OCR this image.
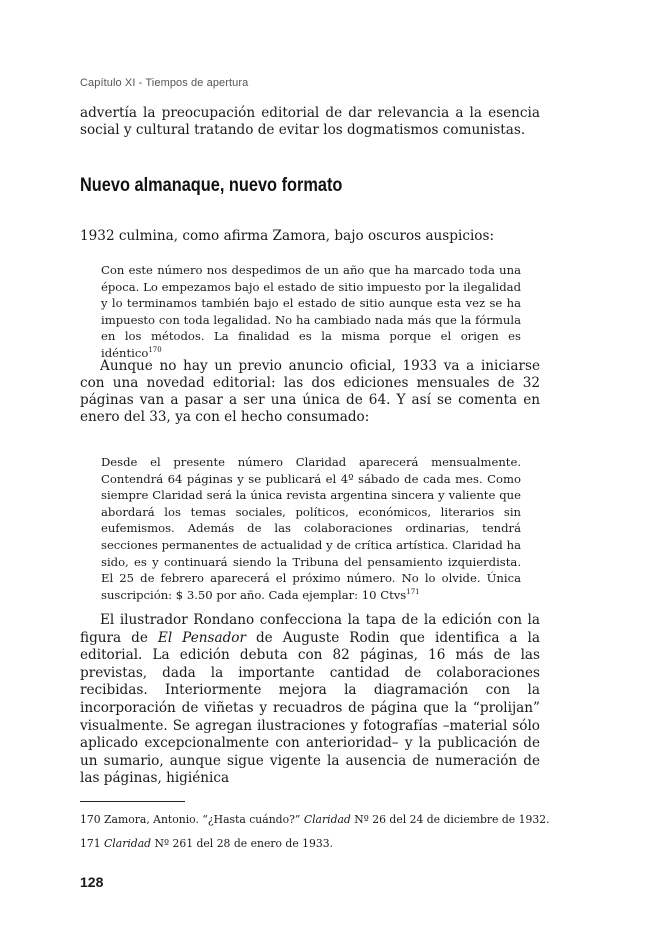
Capítulo XI - Tiempos de apertura

advertía la preocupación editorial de dar relevancia a la esencia social y cultural tratando de evitar los dogmatismos comunistas.

Nuevo almanaque, nuevo formato

1932 culmina, como afirma Zamora, bajo oscuros auspicios:

Con este número nos despedimos de un año que ha marcado toda una época. Lo empezamos bajo el estado de sitio impuesto por la ilegalidad y lo terminamos también bajo el estado de sitio aunque esta vez se ha impuesto con toda legalidad. No ha cambiado nada más que la fórmula en los métodos. La finalidad es la misma porque el origen es idéntico$^{170}$

Aunque no hay un previo anuncio oficial, 1933 va a iniciarse con una novedad editorial: las dos ediciones mensuales de 32 páginas van a pasar a ser una única de 64. Y así se comenta en enero del 33, ya con el hecho consumado:

Desde el presente número Claridad aparecerá mensualmente. Contendrá 64 páginas y se publicará el 4º sábado de cada mes. Como siempre Claridad será la única revista argentina sincera y valiente que abordará los temas sociales, políticos, económicos, literarios sin eufemismos. Además de las colaboraciones ordinarias, tendrá secciones permanentes de actualidad y de crítica artística. Claridad ha sido, es y continuará siendo la Tribuna del pensamiento izquierdista. El 25 de febrero aparecerá el próximo número. No lo olvide. Única suscripción: $ 3.50 por año. Cada ejemplar: 10 Ctvs$^{171}$

El ilustrador Rondano confecciona la tapa de la edición con la figura de El Pensador de Auguste Rodin que identifica a la editorial. La edición debuta con 82 páginas, 16 más de las previstas, dada la importante cantidad de colaboraciones recibidas. Interiormente mejora la diagramación con la incorporación de viñetas y recuadros de página que la “prolijan” visualmente. Se agregan ilustraciones y fotografías –material sólo aplicado excepcionalmente con anterioridad– y la publicación de un sumario, aunque sigue vigente la ausencia de numeración de las páginas, higiénica

170 Zamora, Antonio. “¿Hasta cuándo?” Claridad Nº 26 del 24 de diciembre de 1932.

171 Claridad Nº 261 del 28 de enero de 1933.

128
